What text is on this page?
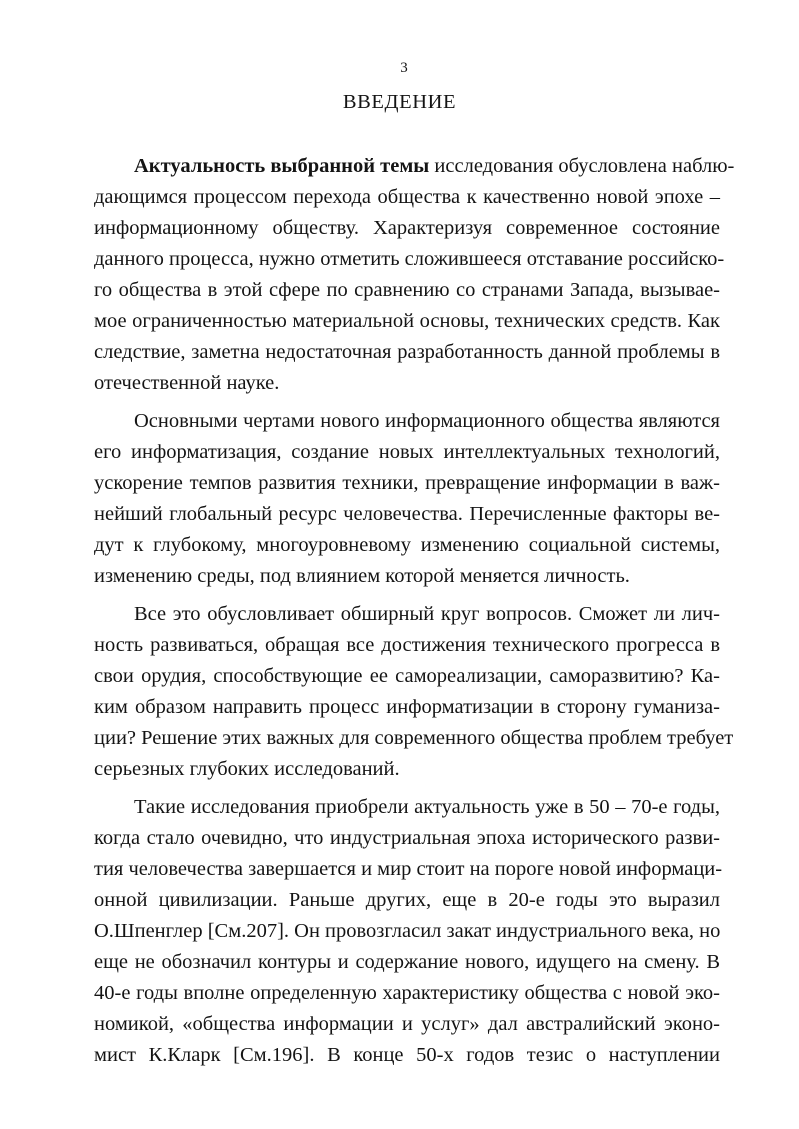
3
ВВЕДЕНИЕ
Актуальность выбранной темы исследования обусловлена наблю-
дающимся процессом перехода общества к качественно новой эпохе –
информационному обществу. Характеризуя современное состояние
данного процесса, нужно отметить сложившееся отставание российско-
го общества в этой сфере по сравнению со странами Запада, вызывае-
мое ограниченностью материальной основы, технических средств. Как
следствие, заметна недостаточная разработанность данной проблемы в
отечественной науке.
Основными чертами нового информационного общества являются
его информатизация, создание новых интеллектуальных технологий,
ускорение темпов развития техники, превращение информации в важ-
нейший глобальный ресурс человечества. Перечисленные факторы ве-
дут к глубокому, многоуровневому изменению социальной системы,
изменению среды, под влиянием которой меняется личность.
Все это обусловливает обширный круг вопросов. Сможет ли лич-
ность развиваться, обращая все достижения технического прогресса в
свои орудия, способствующие ее самореализации, саморазвитию? Ка-
ким образом направить процесс информатизации в сторону гуманиза-
ции? Решение этих важных для современного общества проблем требует
серьезных глубоких исследований.
Такие исследования приобрели актуальность уже в 50 – 70-е годы,
когда стало очевидно, что индустриальная эпоха исторического разви-
тия человечества завершается и мир стоит на пороге новой информаци-
онной цивилизации. Раньше других, еще в 20-е годы это выразил
О.Шпенглер [См.207]. Он провозгласил закат индустриального века, но
еще не обозначил контуры и содержание нового, идущего на смену. В
40-е годы вполне определенную характеристику общества с новой эко-
номикой, «общества информации и услуг» дал австралийский эконо-
мист К.Кларк [См.196]. В конце 50-х годов тезис о наступлении
